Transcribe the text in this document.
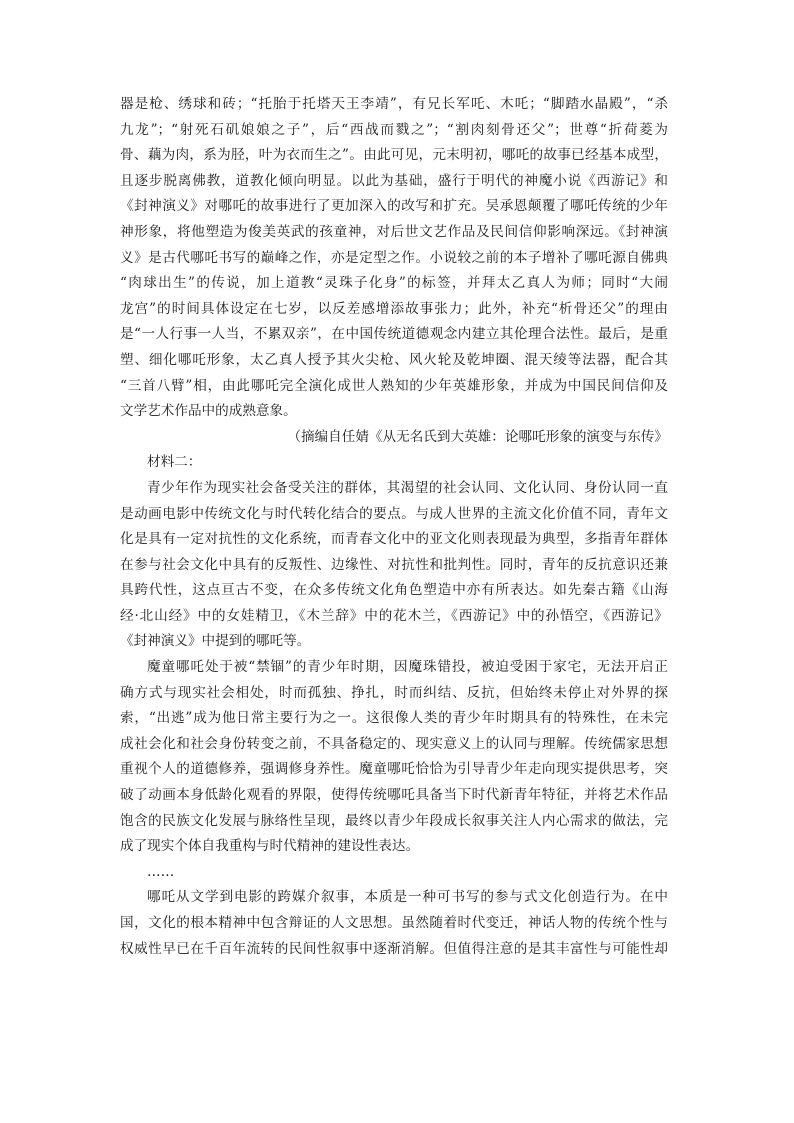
器是枪、绣球和砖；“托胎于托塔天王李靖”，有兄长军吒、木吒；“脚踏水晶殿”，“杀
九龙”；“射死石矶娘娘之子”，后“西战而戮之”；“割肉刻骨还父”；世尊“折荷菱为
骨、藕为肉，系为胫，叶为衣而生之”。由此可见，元末明初，哪吒的故事已经基本成型，
且逐步脱离佛教，道教化倾向明显。以此为基础，盛行于明代的神魔小说《西游记》和
《封神演义》对哪吒的故事进行了更加深入的改写和扩充。吴承恩颠覆了哪吒传统的少年
神形象，将他塑造为俊美英武的孩童神，对后世文艺作品及民间信仰影响深远。《封神演
义》是古代哪吒书写的巅峰之作，亦是定型之作。小说较之前的本子增补了哪吒源自佛典
“肉球出生”的传说，加上道教“灵珠子化身”的标签，并拜太乙真人为师；同时“大闹
龙宫”的时间具体设定在七岁，以反差感增添故事张力；此外，补充“析骨还父”的理由
是“一人行事一人当，不累双亲”，在中国传统道德观念内建立其伦理合法性。最后，是重
塑、细化哪吒形象，太乙真人授予其火尖枪、风火轮及乾坤圈、混天绫等法器，配合其
“三首八臂”相，由此哪吒完全演化成世人熟知的少年英雄形象，并成为中国民间信仰及
文学艺术作品中的成熟意象。
（摘编自任婧《从无名氏到大英雄：论哪吒形象的演变与东传》
材料二：
青少年作为现实社会备受关注的群体，其渴望的社会认同、文化认同、身份认同一直
是动画电影中传统文化与时代转化结合的要点。与成人世界的主流文化价值不同，青年文
化是具有一定对抗性的文化系统，而青春文化中的亚文化则表现最为典型，多指青年群体
在参与社会文化中具有的反叛性、边缘性、对抗性和批判性。同时，青年的反抗意识还兼
具跨代性，这点亘古不变，在众多传统文化角色塑造中亦有所表达。如先秦古籍《山海
经·北山经》中的女娃精卫，《木兰辞》中的花木兰，《西游记》中的孙悟空，《西游记》
《封神演义》中提到的哪吒等。
魔童哪吒处于被“禁锢”的青少年时期，因魔珠错投，被迫受困于家宅，无法开启正
确方式与现实社会相处，时而孤独、挣扎，时而纠结、反抗，但始终未停止对外界的探
索，“出逃”成为他日常主要行为之一。这很像人类的青少年时期具有的特殊性，在未完
成社会化和社会身份转变之前，不具备稳定的、现实意义上的认同与理解。传统儒家思想
重视个人的道德修养，强调修身养性。魔童哪吒恰恰为引导青少年走向现实提供思考，突
破了动画本身低龄化观看的界限，使得传统哪吒具备当下时代新青年特征，并将艺术作品
饱含的民族文化发展与脉络性呈现，最终以青少年段成长叙事关注人内心需求的做法，完
成了现实个体自我重构与时代精神的建设性表达。
……
哪吒从文学到电影的跨媒介叙事，本质是一种可书写的参与式文化创造行为。在中
国，文化的根本精神中包含辩证的人文思想。虽然随着时代变迁，神话人物的传统个性与
权威性早已在千百年流转的民间性叙事中逐渐消解。但值得注意的是其丰富性与可能性却
